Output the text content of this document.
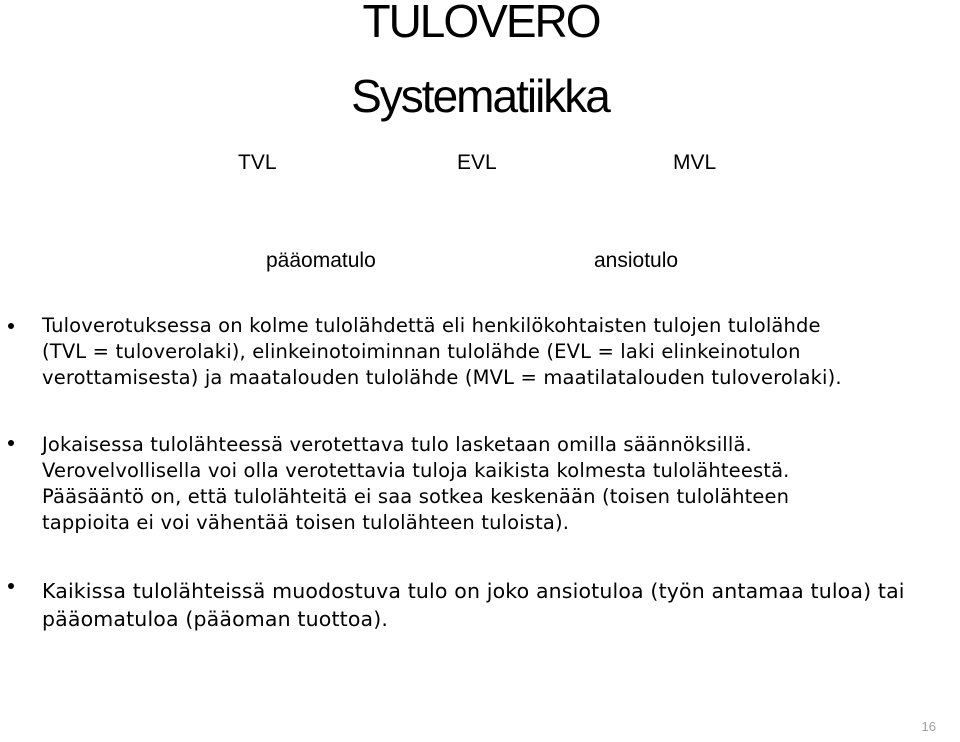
TULOVERO
Systematiikka
TVL	EVL	MVL
pääomatulo	ansiotulo
Tuloverotuksessa on kolme tulolähdettä eli henkilökohtaisten tulojen tulolähde
(TVL = tuloverolaki), elinkeinotoiminnan tulolähde (EVL = laki elinkeinotulon
verottamisesta) ja maatalouden tulolähde (MVL = maatilatalouden tuloverolaki).
Jokaisessa tulolähteessä verotettava tulo lasketaan omilla säännöksillä.
Verovelvollisella voi olla verotettavia tuloja kaikista kolmesta tulolähteestä.
Pääsääntö on, että tulolähteitä ei saa sotkea keskenään (toisen tulolähteen
tappioita ei voi vähentää toisen tulolähteen tuloista).
Kaikissa tulolähteissä muodostuva tulo on joko ansiotuloa (työn antamaa tuloa) tai
pääomatuloa (pääoman tuottoa).
16
